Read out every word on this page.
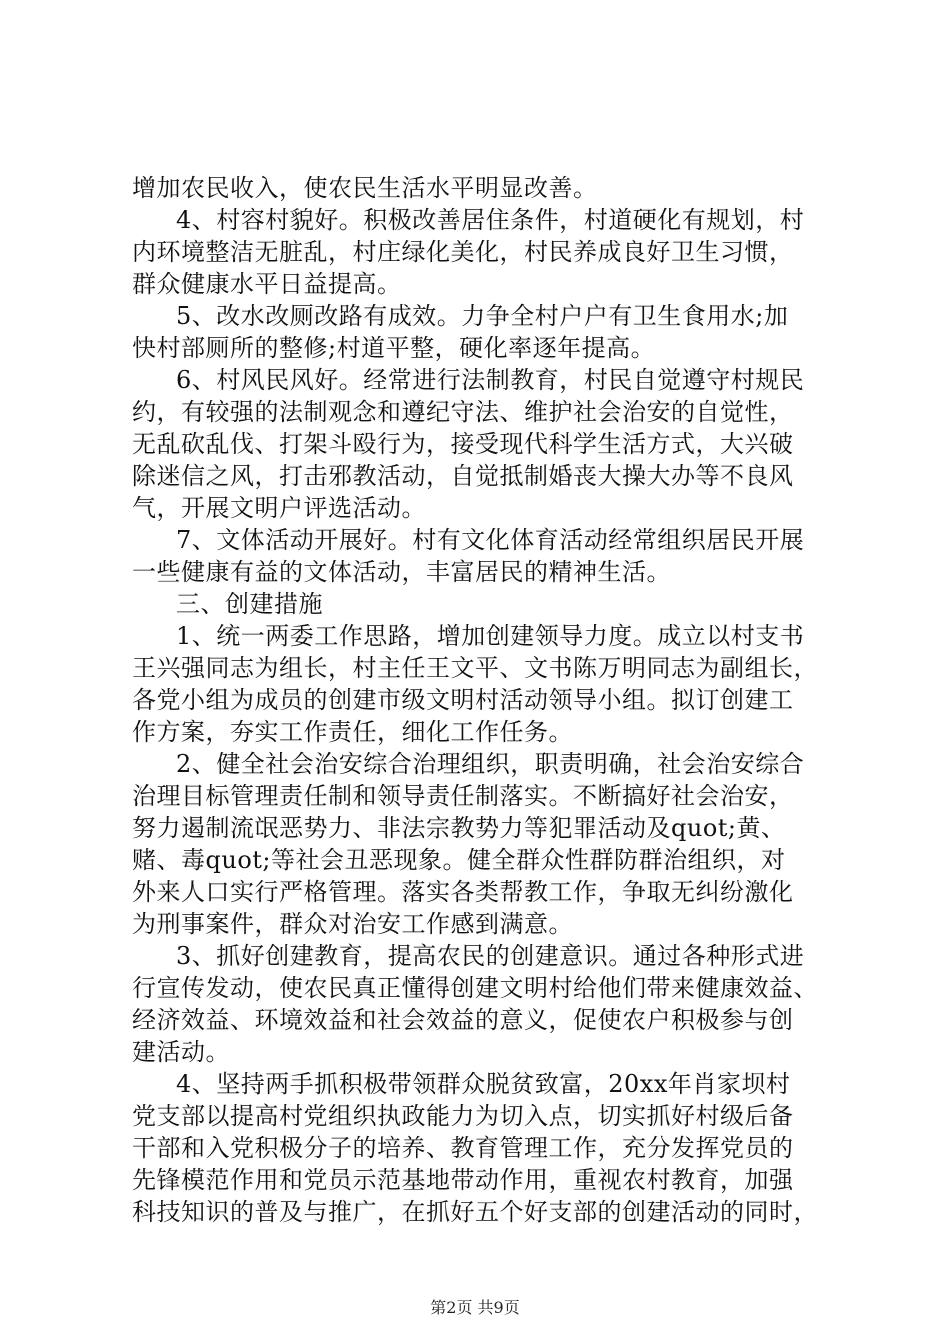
增加农民收入，使农民生活水平明显改善。
4、村容村貌好。积极改善居住条件，村道硬化有规划，村
内环境整洁无脏乱，村庄绿化美化，村民养成良好卫生习惯，
群众健康水平日益提高。
5、改水改厕改路有成效。力争全村户户有卫生食用水;加
快村部厕所的整修;村道平整，硬化率逐年提高。
6、村风民风好。经常进行法制教育，村民自觉遵守村规民
约，有较强的法制观念和遵纪守法、维护社会治安的自觉性，
无乱砍乱伐、打架斗殴行为，接受现代科学生活方式，大兴破
除迷信之风，打击邪教活动，自觉抵制婚丧大操大办等不良风
气，开展文明户评选活动。
7、文体活动开展好。村有文化体育活动经常组织居民开展
一些健康有益的文体活动，丰富居民的精神生活。
三、创建措施
1、统一两委工作思路，增加创建领导力度。成立以村支书
王兴强同志为组长，村主任王文平、文书陈万明同志为副组长，
各党小组为成员的创建市级文明村活动领导小组。拟订创建工
作方案，夯实工作责任，细化工作任务。
2、健全社会治安综合治理组织，职责明确，社会治安综合
治理目标管理责任制和领导责任制落实。不断搞好社会治安，
努力遏制流氓恶势力、非法宗教势力等犯罪活动及quot;黄、
赌、毒quot;等社会丑恶现象。健全群众性群防群治组织，对
外来人口实行严格管理。落实各类帮教工作，争取无纠纷激化
为刑事案件，群众对治安工作感到满意。
3、抓好创建教育，提高农民的创建意识。通过各种形式进
行宣传发动，使农民真正懂得创建文明村给他们带来健康效益、
经济效益、环境效益和社会效益的意义，促使农户积极参与创
建活动。
4、坚持两手抓积极带领群众脱贫致富，20xx年肖家坝村
党支部以提高村党组织执政能力为切入点，切实抓好村级后备
干部和入党积极分子的培养、教育管理工作，充分发挥党员的
先锋模范作用和党员示范基地带动作用，重视农村教育，加强
科技知识的普及与推广，在抓好五个好支部的创建活动的同时，
第2页 共9页
